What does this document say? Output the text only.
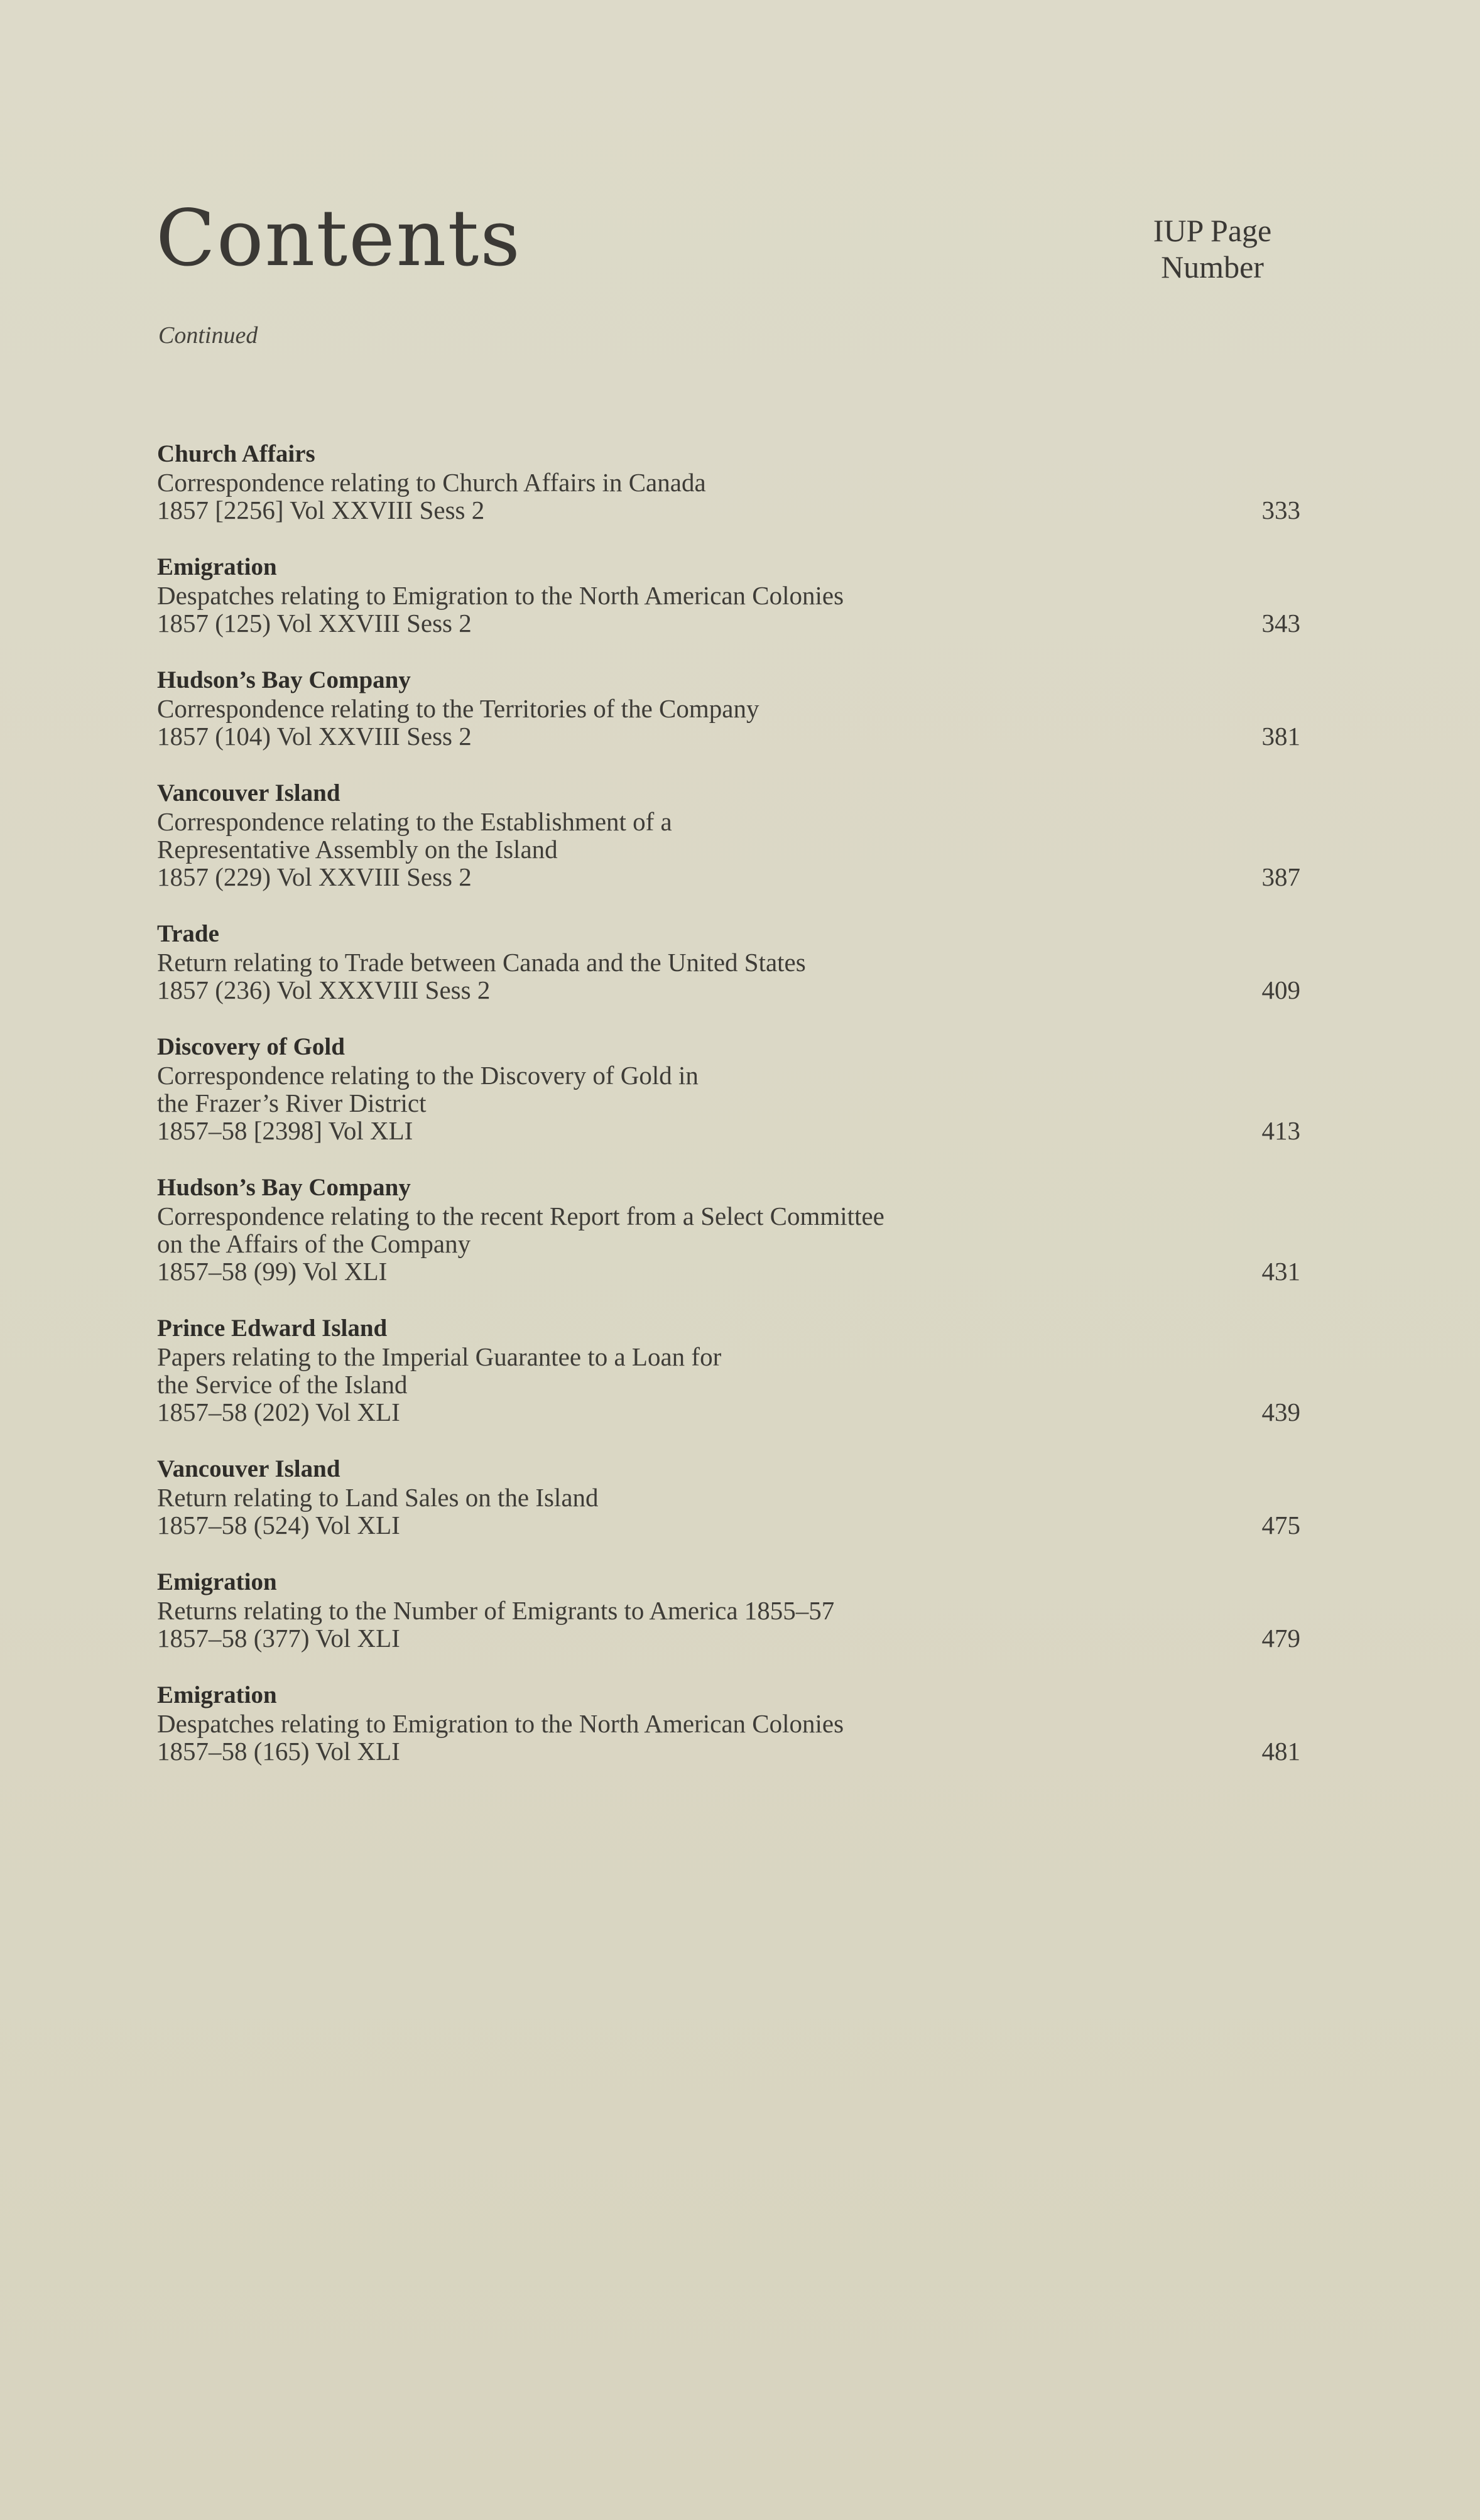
Contents	IUP Page
Number
Continued
Church Affairs
Correspondence relating to Church Affairs in Canada
1857 [2256] Vol XXVIII Sess 2	333
Emigration
Despatches relating to Emigration to the North American Colonies
1857 (125) Vol XXVIII Sess 2	343
Hudson’s Bay Company
Correspondence relating to the Territories of the Company
1857 (104) Vol XXVIII Sess 2	381
Vancouver Island
Correspondence relating to the Establishment of a
Representative Assembly on the Island
1857 (229) Vol XXVIII Sess 2	387
Trade
Return relating to Trade between Canada and the United States
1857 (236) Vol XXXVIII Sess 2	409
Discovery of Gold
Correspondence relating to the Discovery of Gold in
the Frazer’s River District
1857–58 [2398] Vol XLI	413
Hudson’s Bay Company
Correspondence relating to the recent Report from a Select Committee
on the Affairs of the Company
1857–58 (99) Vol XLI	431
Prince Edward Island
Papers relating to the Imperial Guarantee to a Loan for
the Service of the Island
1857–58 (202) Vol XLI	439
Vancouver Island
Return relating to Land Sales on the Island
1857–58 (524) Vol XLI	475
Emigration
Returns relating to the Number of Emigrants to America 1855–57
1857–58 (377) Vol XLI	479
Emigration
Despatches relating to Emigration to the North American Colonies
1857–58 (165) Vol XLI	481
